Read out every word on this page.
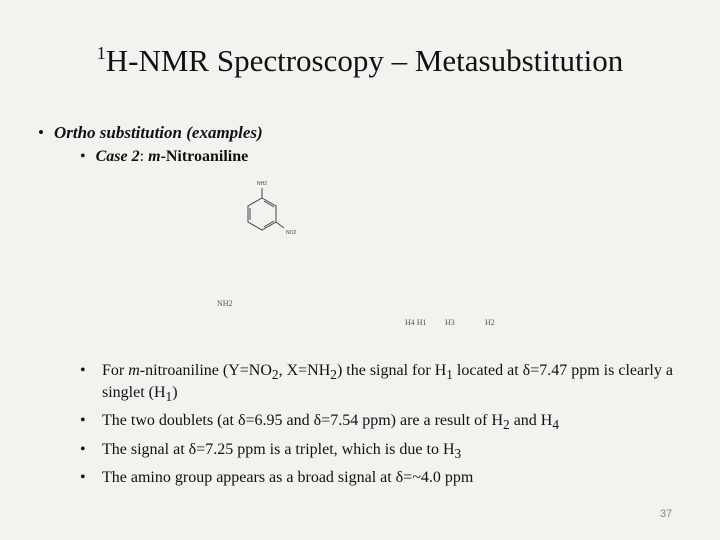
$^1$H-NMR Spectroscopy – Metasubstitution
• Ortho substitution (examples)
• Case 2: m-Nitroaniline
NH2
NO2
NH2
H4 H1 H3	H2
• For m-nitroaniline ($Y=NO_2$, $X=NH_2$) the signal for $H_1$ located at δ=7.47 ppm is clearly a singlet $(H_1)$
• The two doublets (at δ=6.95 and δ=7.54 ppm) are a result of $H_2$ and $H_4$
• The signal at δ=7.25 ppm is a triplet, which is due to $H_3$
• The amino group appears as a broad signal at δ=~4.0 ppm
37
